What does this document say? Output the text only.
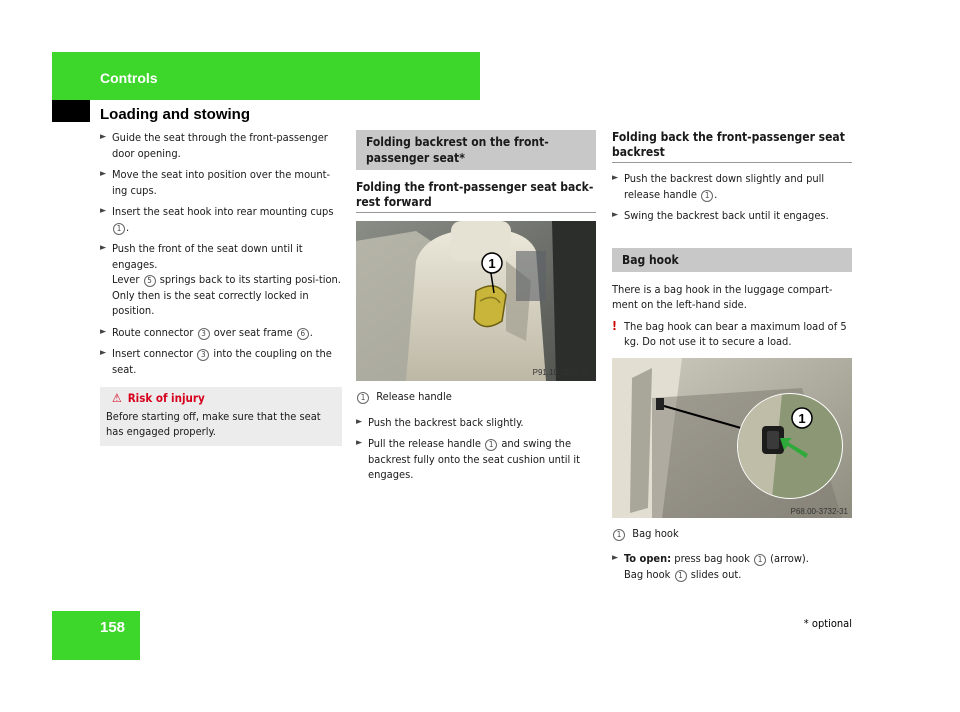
Controls
Loading and stowing
► Guide the seat through the front-passenger door opening.
► Move the seat into position over the mount-ing cups.
► Insert the seat hook into rear mounting cups 1 .
► Push the front of the seat down until it engages.
Lever 5 springs back to its starting posi-tion. Only then is the seat correctly locked in position.
► Route connector 3 over seat frame 6 .
► Insert connector 3 into the coupling on the seat.
⚠ Risk of injury
Before starting off, make sure that the seat has engaged properly.
Folding backrest on the front-passenger seat*
Folding the front-passenger seat back-rest forward
1
P91.10-3259-31
1 Release handle
► Push the backrest back slightly.
► Pull the release handle 1 and swing the backrest fully onto the seat cushion until it engages.
Folding back the front-passenger seat backrest
► Push the backrest down slightly and pull release handle 1 .
► Swing the backrest back until it engages.
Bag hook
There is a bag hook in the luggage compart-ment on the left-hand side.
! The bag hook can bear a maximum load of 5 kg. Do not use it to secure a load.
1
P68.00-3732-31
1 Bag hook
► To open: press bag hook 1 (arrow).
Bag hook 1 slides out.
158	* optional
